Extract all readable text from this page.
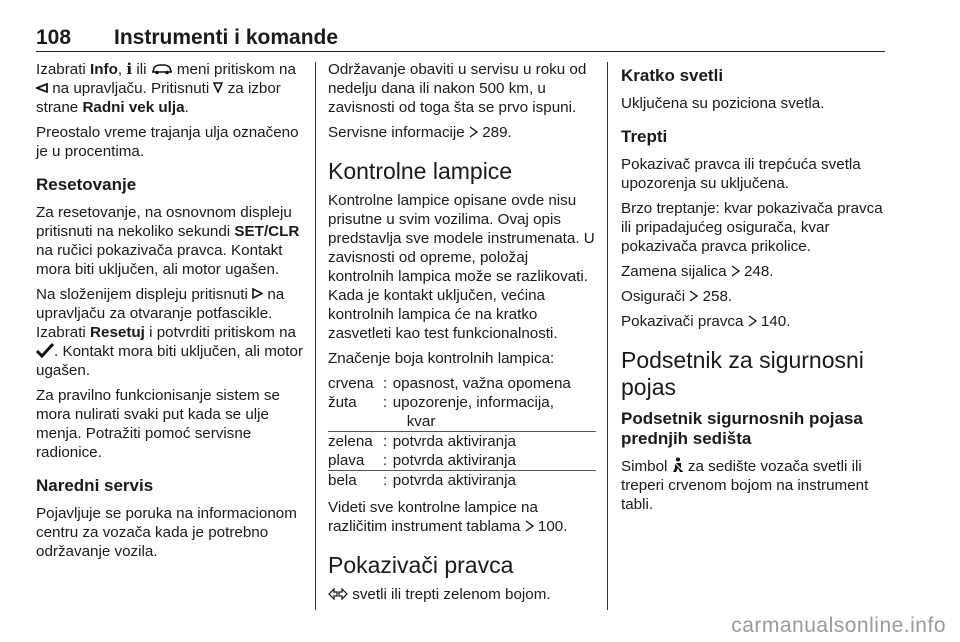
108 Instrumenti i komande

Izabrati Info, i ili  meni pritiskom na  na upravljaču. Pritisnuti  za izbor strane Radni vek ulja.

Preostalo vreme trajanja ulja označeno je u procentima.

Resetovanje

Za resetovanje, na osnovnom displeju pritisnuti na nekoliko sekundi SET/CLR na ručici pokazivača pravca. Kontakt mora biti uključen, ali motor ugašen.

Na složenijem displeju pritisnuti  na upravljaču za otvaranje potfascikle. Izabrati Resetuj i potvrditi pritiskom na . Kontakt mora biti uključen, ali motor ugašen.

Za pravilno funkcionisanje sistem se mora nulirati svaki put kada se ulje menja. Potražiti pomoć servisne radionice.

Naredni servis

Pojavljuje se poruka na informacionom centru za vozača kada je potrebno održavanje vozila.

Održavanje obaviti u servisu u roku od nedelju dana ili nakon 500 km, u zavisnosti od toga šta se prvo ispuni.

Servisne informacije  289.

Kontrolne lampice

Kontrolne lampice opisane ovde nisu prisutne u svim vozilima. Ovaj opis predstavlja sve modele instrumenata. U zavisnosti od opreme, položaj kontrolnih lampica može se razlikovati. Kada je kontakt uključen, većina kontrolnih lampica će na kratko zasvetleti kao test funkcionalnosti.

Značenje boja kontrolnih lampica:

crvena	:	opasnost, važna opomena
žuta	:	upozorenje, informacija,
		kvar
zelena	:	potvrda aktiviranja
plava	:	potvrda aktiviranja
bela	:	potvrda aktiviranja

Videti sve kontrolne lampice na različitim instrument tablama  100.

Pokazivači pravca

svetli ili trepti zelenom bojom.

Kratko svetli

Uključena su poziciona svetla.

Trepti

Pokazivač pravca ili trepćuća svetla upozorenja su uključena.

Brzo treptanje: kvar pokazivača pravca ili pripadajućeg osigurača, kvar pokazivača pravca prikolice.

Zamena sijalica  248.

Osigurači  258.

Pokazivači pravca  140.

Podsetnik za sigurnosni pojas
Podsetnik sigurnosnih pojasa prednjih sedišta

Simbol  za sedište vozača svetli ili treperi crvenom bojom na instrument tabli.

carmanualsonline.info
